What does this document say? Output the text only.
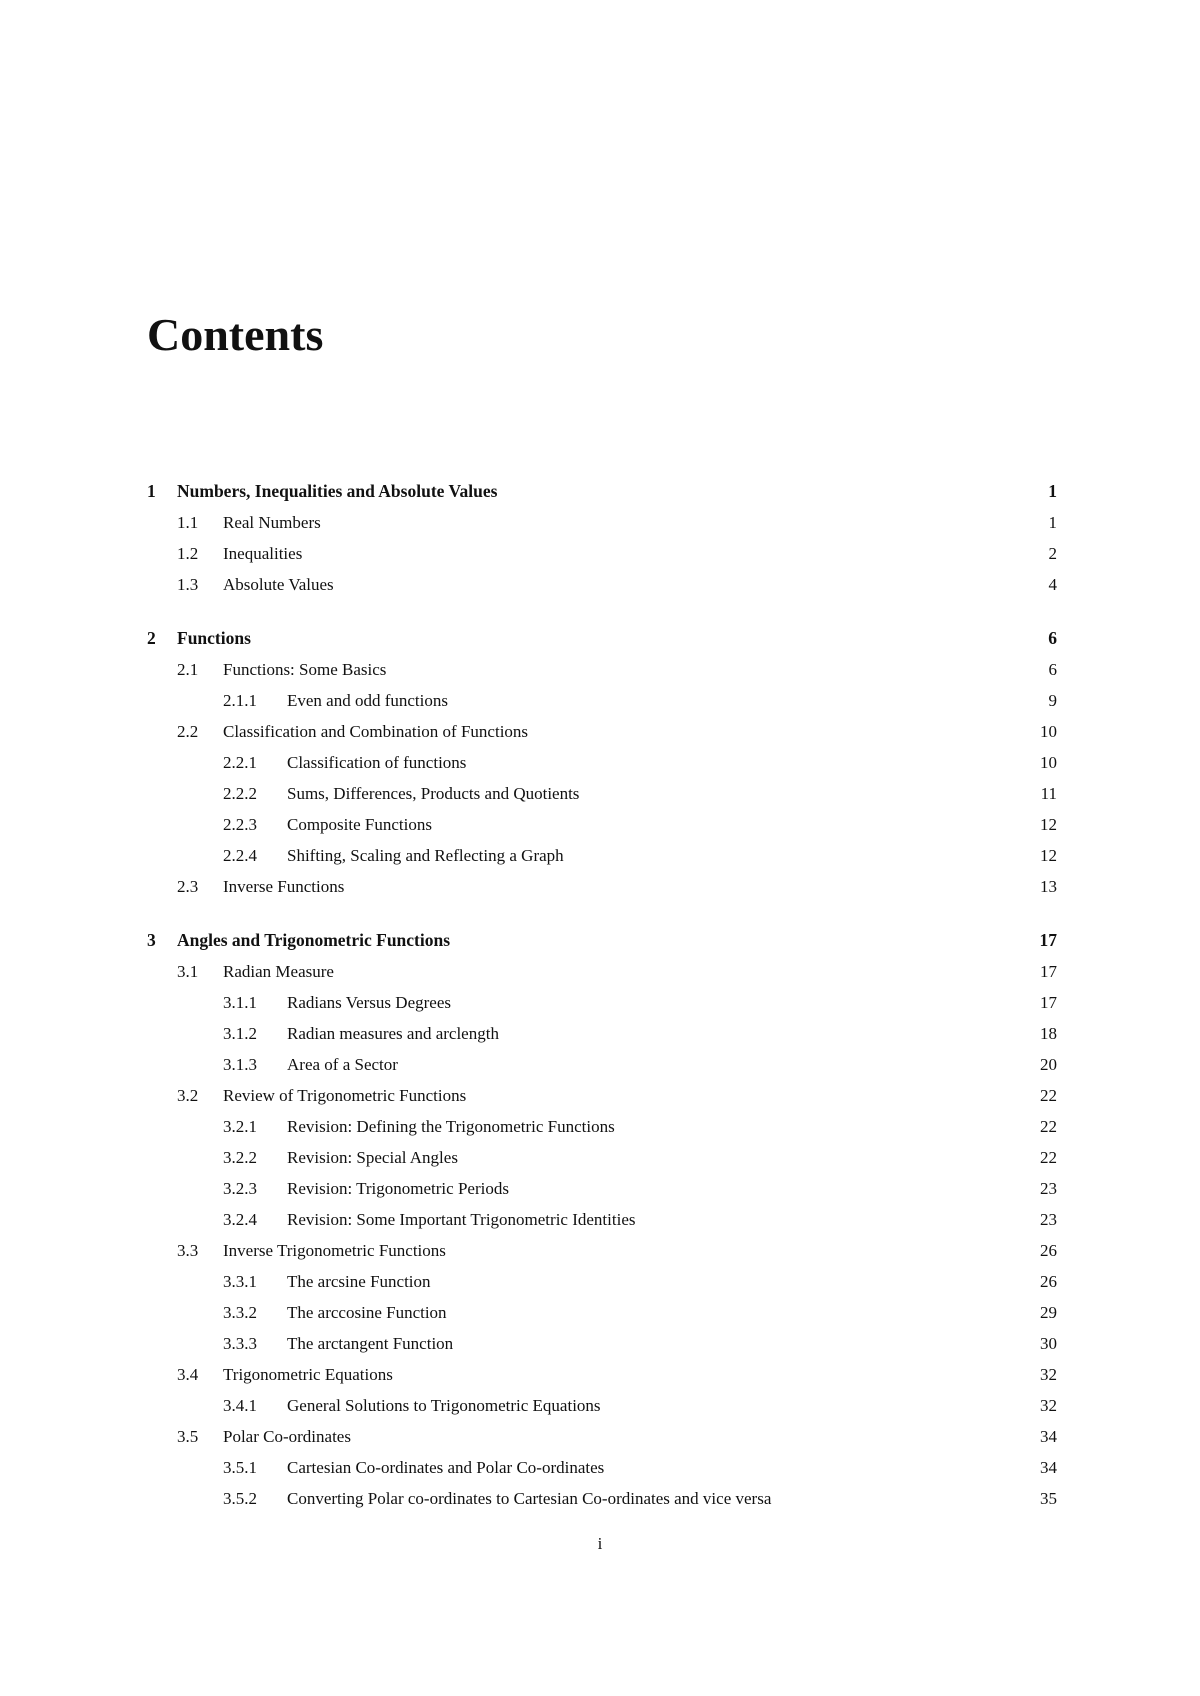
Contents
1 Numbers, Inequalities and Absolute Values	1
1.1 Real Numbers	1
1.2 Inequalities	2
1.3 Absolute Values	4
2 Functions	6
2.1 Functions: Some Basics	6
2.1.1 Even and odd functions	9
2.2 Classification and Combination of Functions	10
2.2.1 Classification of functions	10
2.2.2 Sums, Differences, Products and Quotients	11
2.2.3 Composite Functions	12
2.2.4 Shifting, Scaling and Reflecting a Graph	12
2.3 Inverse Functions	13
3 Angles and Trigonometric Functions	17
3.1 Radian Measure	17
3.1.1 Radians Versus Degrees	17
3.1.2 Radian measures and arclength	18
3.1.3 Area of a Sector	20
3.2 Review of Trigonometric Functions	22
3.2.1 Revision: Defining the Trigonometric Functions	22
3.2.2 Revision: Special Angles	22
3.2.3 Revision: Trigonometric Periods	23
3.2.4 Revision: Some Important Trigonometric Identities	23
3.3 Inverse Trigonometric Functions	26
3.3.1 The arcsine Function	26
3.3.2 The arccosine Function	29
3.3.3 The arctangent Function	30
3.4 Trigonometric Equations	32
3.4.1 General Solutions to Trigonometric Equations	32
3.5 Polar Co-ordinates	34
3.5.1 Cartesian Co-ordinates and Polar Co-ordinates	34
3.5.2 Converting Polar co-ordinates to Cartesian Co-ordinates and vice versa	35
i
